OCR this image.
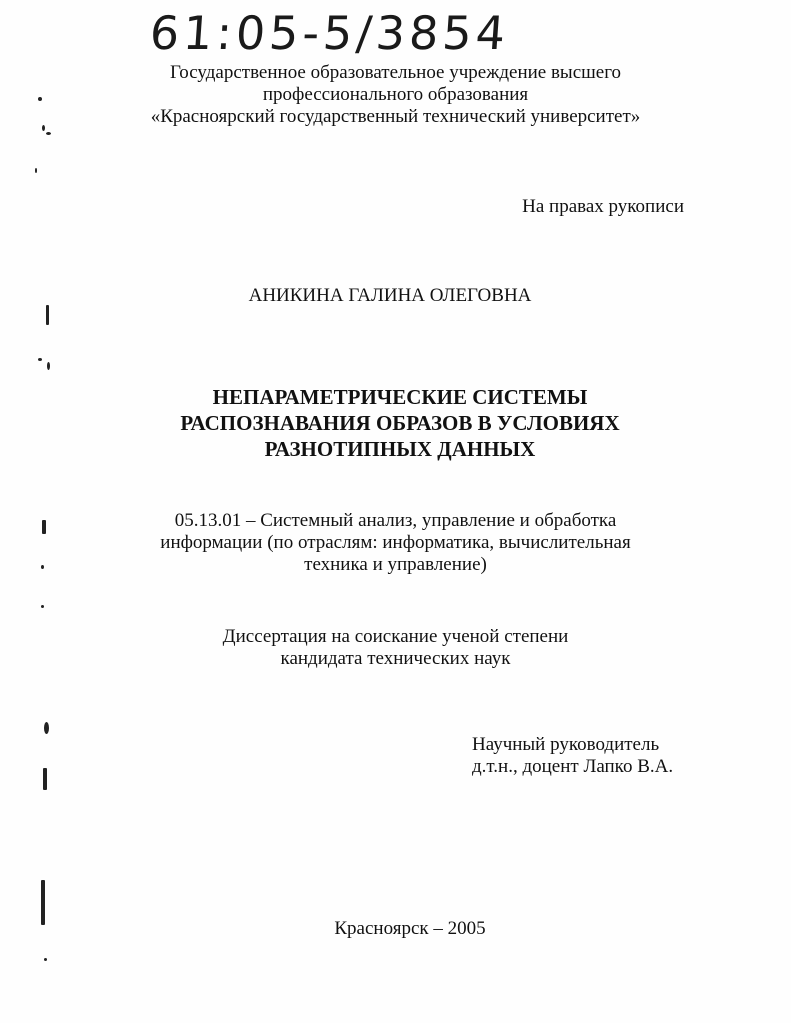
61:05-5/3854
Государственное образовательное учреждение высшего
профессионального образования
«Красноярский государственный технический университет»
На правах рукописи
АНИКИНА ГАЛИНА ОЛЕГОВНА
НЕПАРАМЕТРИЧЕСКИЕ СИСТЕМЫ
РАСПОЗНАВАНИЯ ОБРАЗОВ В УСЛОВИЯХ
РАЗНОТИПНЫХ ДАННЫХ
05.13.01 – Системный анализ, управление и обработка
информации (по отраслям: информатика, вычислительная
техника и управление)
Диссертация на соискание ученой степени
кандидата технических наук
Научный руководитель
д.т.н., доцент Лапко В.А.
Красноярск – 2005
